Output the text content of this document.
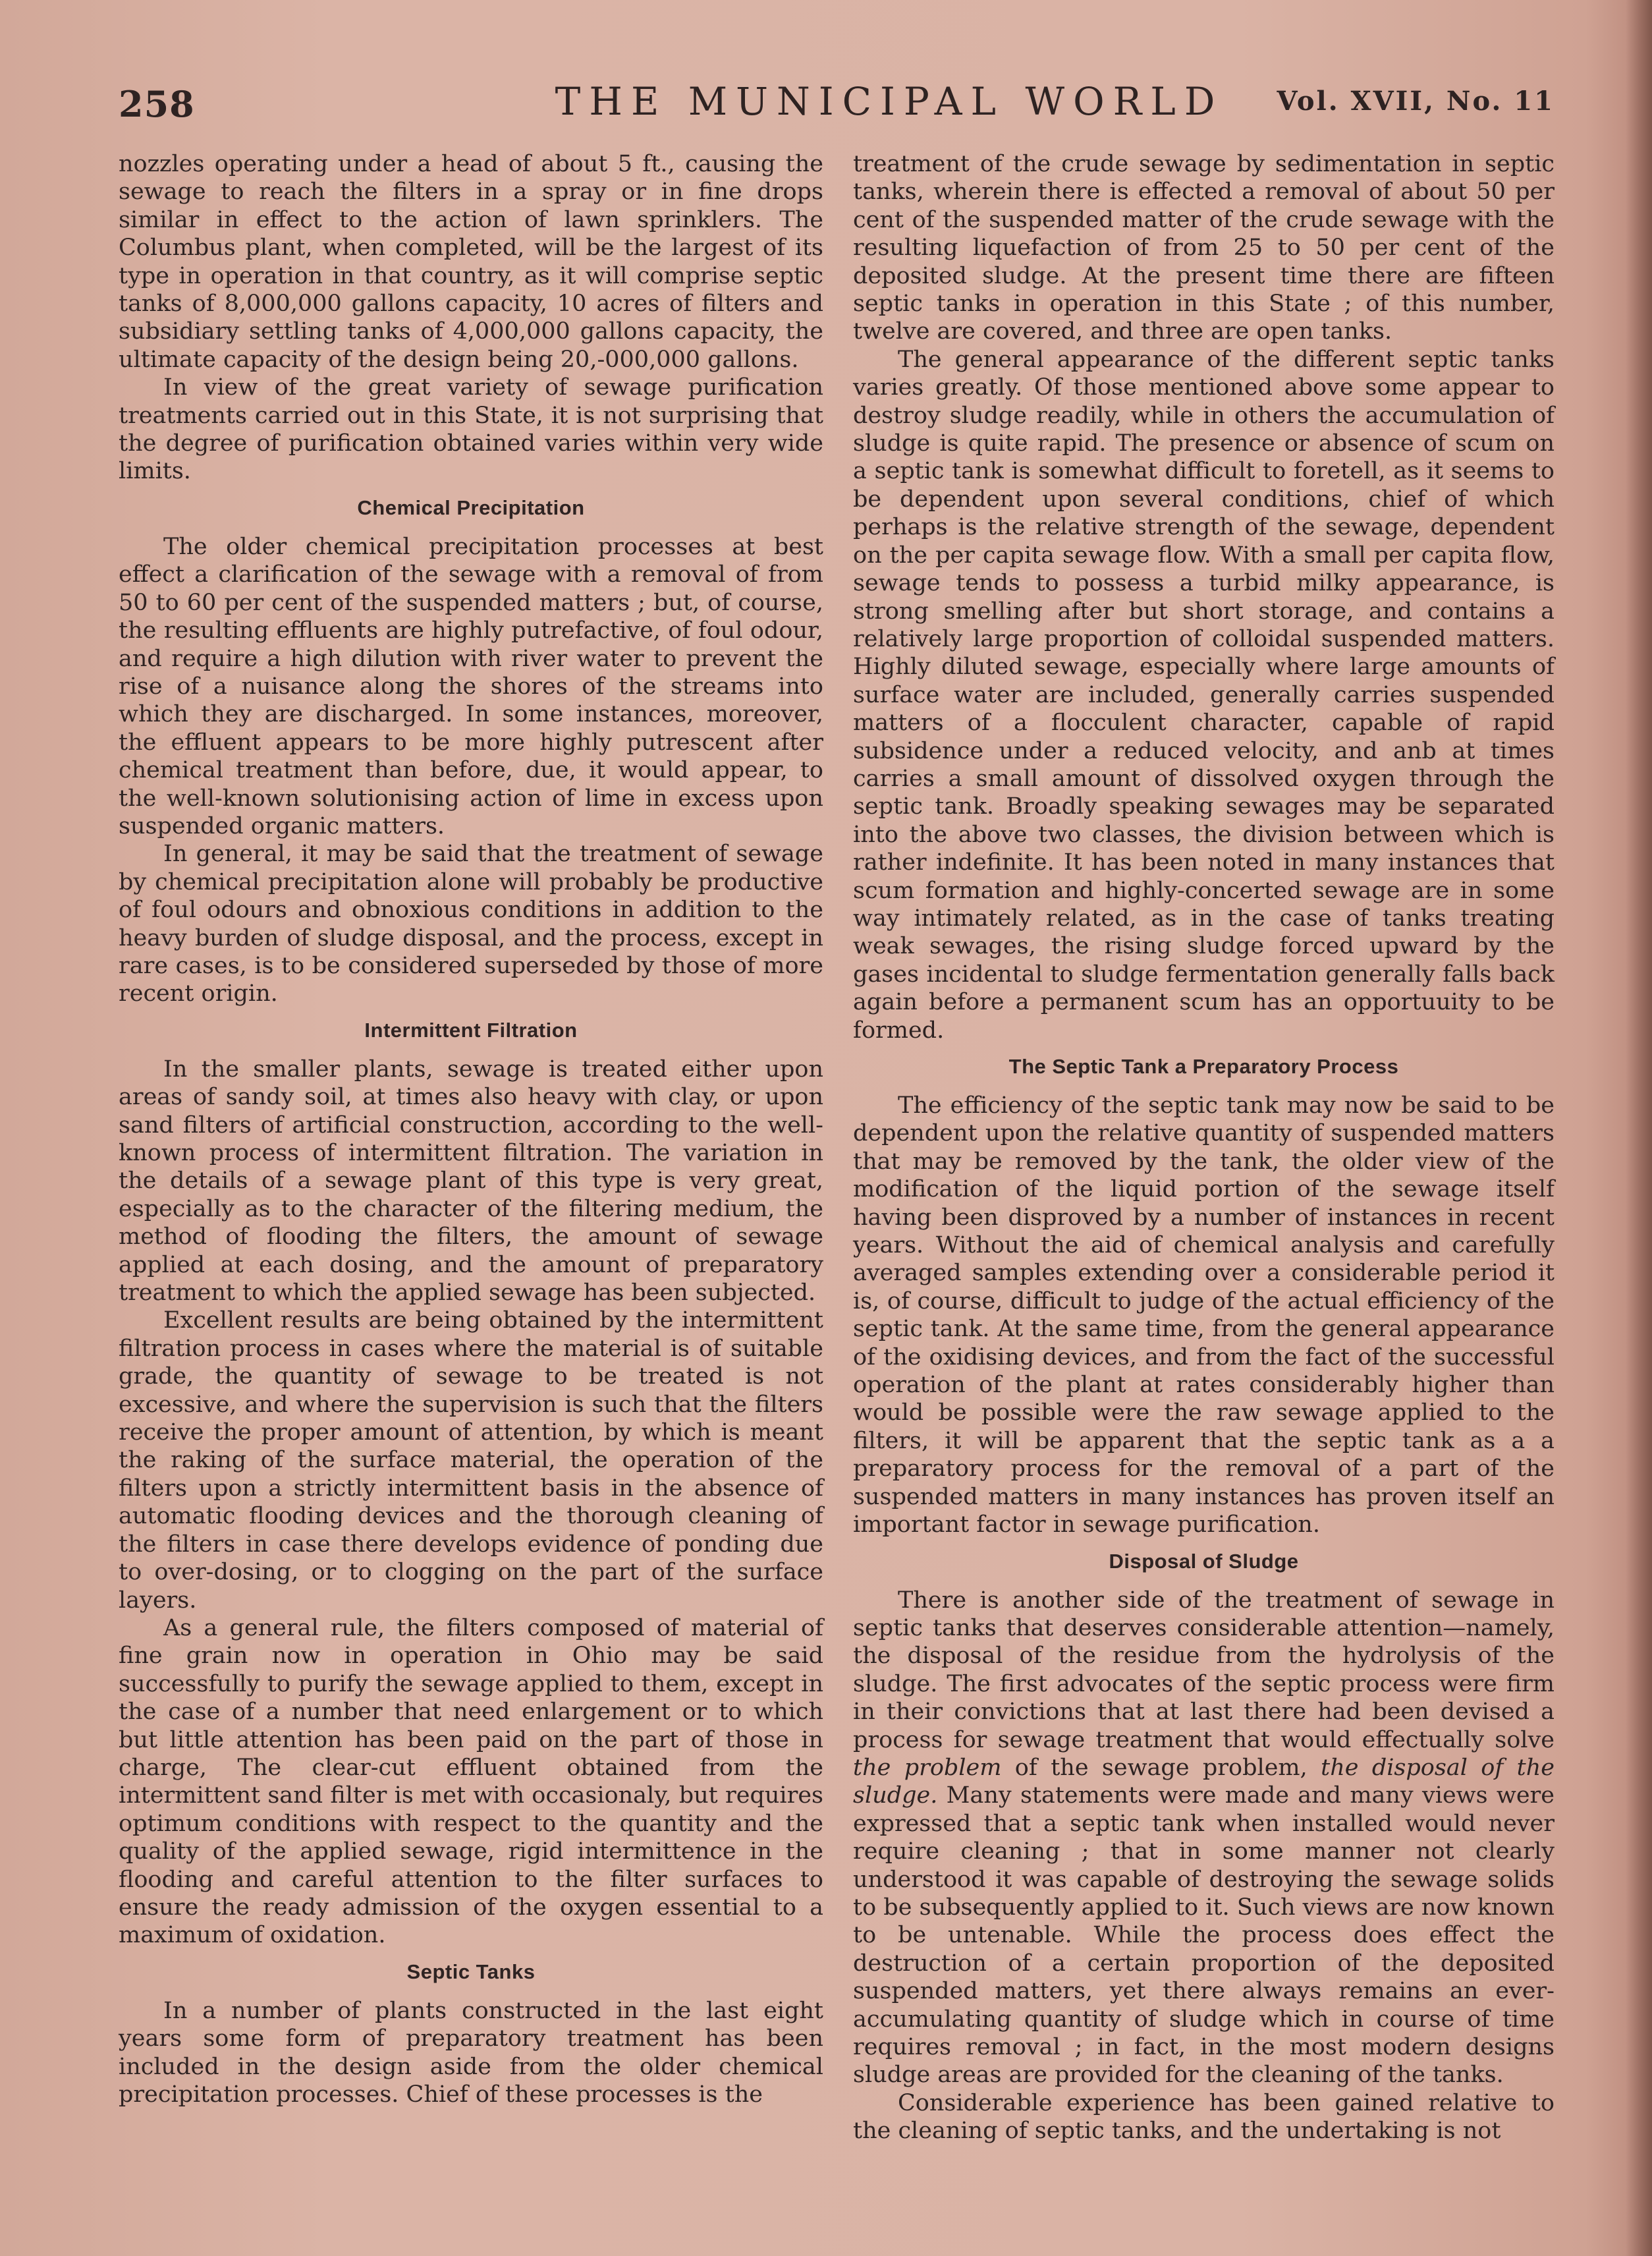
258	THE MUNICIPAL WORLD	Vol. XVII, No. 11

nozzles operating under a head of about 5 ft., causing the sewage to reach the filters in a spray or in fine drops similar in effect to the action of lawn sprinklers. The Columbus plant, when completed, will be the largest of its type in operation in that country, as it will comprise septic tanks of 8,000,000 gallons capacity, 10 acres of filters and subsidiary settling tanks of 4,000,000 gallons capacity, the ultimate capacity of the design being 20,-000,000 gallons.

In view of the great variety of sewage purification treatments carried out in this State, it is not surprising that the degree of purification obtained varies within very wide limits.

Chemical Precipitation

The older chemical precipitation processes at best effect a clarification of the sewage with a removal of from 50 to 60 per cent of the suspended matters ; but, of course, the resulting effluents are highly putrefactive, of foul odour, and require a high dilution with river water to prevent the rise of a nuisance along the shores of the streams into which they are discharged. In some instances, moreover, the effluent appears to be more highly putrescent after chemical treatment than before, due, it would appear, to the well-known solutionising action of lime in excess upon suspended organic matters.

In general, it may be said that the treatment of sewage by chemical precipitation alone will probably be productive of foul odours and obnoxious conditions in addition to the heavy burden of sludge disposal, and the process, except in rare cases, is to be considered superseded by those of more recent origin.

Intermittent Filtration

In the smaller plants, sewage is treated either upon areas of sandy soil, at times also heavy with clay, or upon sand filters of artificial construction, according to the well-known process of intermittent filtration. The variation in the details of a sewage plant of this type is very great, especially as to the character of the filtering medium, the method of flooding the filters, the amount of sewage applied at each dosing, and the amount of preparatory treatment to which the applied sewage has been subjected.

Excellent results are being obtained by the intermittent filtration process in cases where the material is of suitable grade, the quantity of sewage to be treated is not excessive, and where the supervision is such that the filters receive the proper amount of attention, by which is meant the raking of the surface material, the operation of the filters upon a strictly intermittent basis in the absence of automatic flooding devices and the thorough cleaning of the filters in case there develops evidence of ponding due to over-dosing, or to clogging on the part of the surface layers.

As a general rule, the filters composed of material of fine grain now in operation in Ohio may be said successfully to purify the sewage applied to them, except in the case of a number that need enlargement or to which but little attention has been paid on the part of those in charge, The clear-cut effluent obtained from the intermittent sand filter is met with occasionaly, but requires optimum conditions with respect to the quantity and the quality of the applied sewage, rigid intermittence in the flooding and careful attention to the filter surfaces to ensure the ready admission of the oxygen essential to a maximum of oxidation.

Septic Tanks

In a number of plants constructed in the last eight years some form of preparatory treatment has been included in the design aside from the older chemical precipitation processes. Chief of these processes is the

treatment of the crude sewage by sedimentation in septic tanks, wherein there is effected a removal of about 50 per cent of the suspended matter of the crude sewage with the resulting liquefaction of from 25 to 50 per cent of the deposited sludge. At the present time there are fifteen septic tanks in operation in this State ; of this number, twelve are covered, and three are open tanks.

The general appearance of the different septic tanks varies greatly. Of those mentioned above some appear to destroy sludge readily, while in others the accumulation of sludge is quite rapid. The presence or absence of scum on a septic tank is somewhat difficult to foretell, as it seems to be dependent upon several conditions, chief of which perhaps is the relative strength of the sewage, dependent on the per capita sewage flow. With a small per capita flow, sewage tends to possess a turbid milky appearance, is strong smelling after but short storage, and contains a relatively large proportion of colloidal suspended matters. Highly diluted sewage, especially where large amounts of surface water are included, generally carries suspended matters of a flocculent character, capable of rapid subsidence under a reduced velocity, and anb at times carries a small amount of dissolved oxygen through the septic tank. Broadly speaking sewages may be separated into the above two classes, the division between which is rather indefinite. It has been noted in many instances that scum formation and highly-concerted sewage are in some way intimately related, as in the case of tanks treating weak sewages, the rising sludge forced upward by the gases incidental to sludge fermentation generally falls back again before a permanent scum has an opportuuity to be formed.

The Septic Tank a Preparatory Process

The efficiency of the septic tank may now be said to be dependent upon the relative quantity of suspended matters that may be removed by the tank, the older view of the modification of the liquid portion of the sewage itself having been disproved by a number of instances in recent years. Without the aid of chemical analysis and carefully averaged samples extending over a considerable period it is, of course, difficult to judge of the actual efficiency of the septic tank. At the same time, from the general appearance of the oxidising devices, and from the fact of the successful operation of the plant at rates considerably higher than would be possible were the raw sewage applied to the filters, it will be apparent that the septic tank as a a preparatory process for the removal of a part of the suspended matters in many instances has proven itself an important factor in sewage purification.

Disposal of Sludge

There is another side of the treatment of sewage in septic tanks that deserves considerable attention—namely, the disposal of the residue from the hydrolysis of the sludge. The first advocates of the septic process were firm in their convictions that at last there had been devised a process for sewage treatment that would effectually solve the problem of the sewage problem, the disposal of the sludge. Many statements were made and many views were expressed that a septic tank when installed would never require cleaning ; that in some manner not clearly understood it was capable of destroying the sewage solids to be subsequently applied to it. Such views are now known to be untenable. While the process does effect the destruction of a certain proportion of the deposited suspended matters, yet there always remains an ever-accumulating quantity of sludge which in course of time requires removal ; in fact, in the most modern designs sludge areas are provided for the cleaning of the tanks.

Considerable experience has been gained relative to the cleaning of septic tanks, and the undertaking is not
